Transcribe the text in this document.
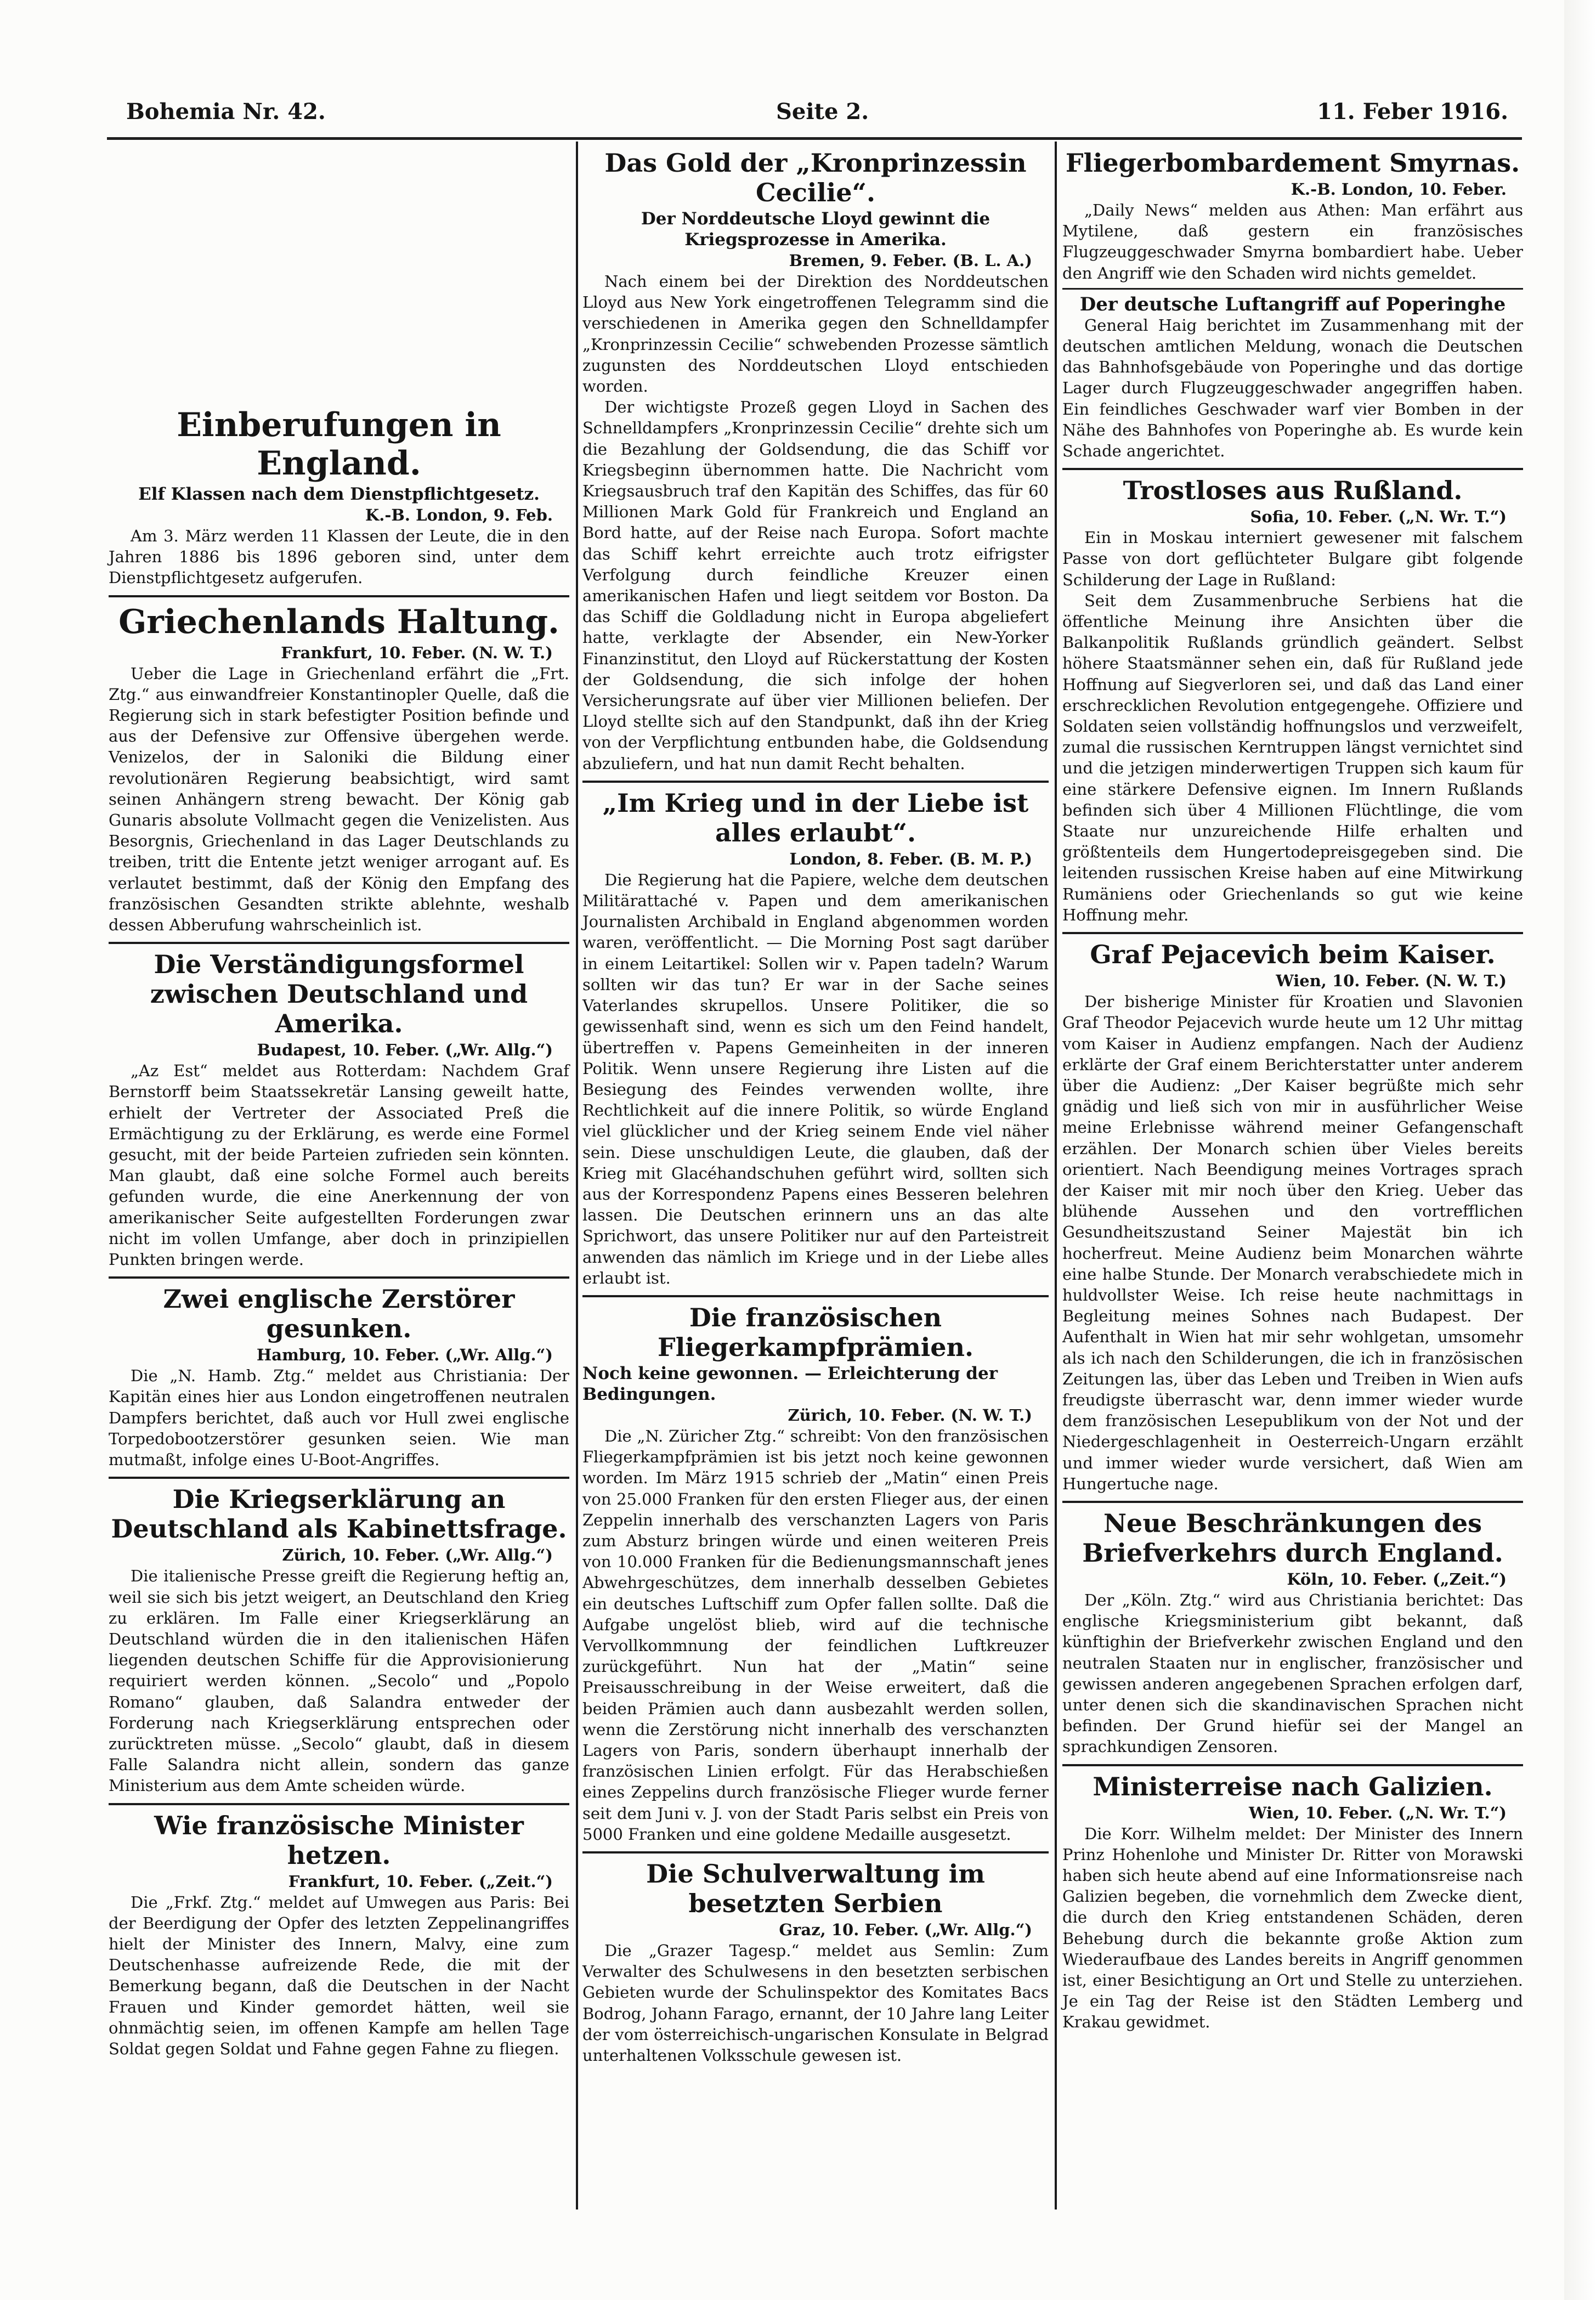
Bohemia Nr. 42.	Seite 2.	11. Feber 1916.

Einberufungen in England.

Elf Klassen nach dem Dienstpflichtgesetz.

K.-B. London, 9. Feb.

Am 3. März werden 11 Klassen der Leute, die in den Jahren 1886 bis 1896 geboren sind, unter dem Dienstpflichtgesetz aufgerufen.

Griechenlands Haltung.

Frankfurt, 10. Feber. (N. W. T.)

Ueber die Lage in Griechenland erfährt die „Frt. Ztg.“ aus einwandfreier Konstantinopler Quelle, daß die Regierung sich in stark befestigter Position befinde und aus der Defensive zur Offensive übergehen werde. Venizelos, der in Saloniki die Bildung einer revolutionären Regierung beabsichtigt, wird samt seinen Anhängern streng bewacht. Der König gab Gunaris absolute Vollmacht gegen die Venizelisten. Aus Besorgnis, Griechenland in das Lager Deutschlands zu treiben, tritt die Entente jetzt weniger arrogant auf. Es verlautet bestimmt, daß der König den Empfang des französischen Gesandten strikte ablehnte, weshalb dessen Abberufung wahrscheinlich ist.

Die Verständigungsformel zwischen Deutschland und Amerika.

Budapest, 10. Feber. („Wr. Allg.“)

„Az Est“ meldet aus Rotterdam: Nachdem Graf Bernstorff beim Staatssekretär Lansing geweilt hatte, erhielt der Vertreter der Associated Preß die Ermächtigung zu der Erklärung, es werde eine Formel gesucht, mit der beide Parteien zufrieden sein könnten. Man glaubt, daß eine solche Formel auch bereits gefunden wurde, die eine Anerkennung der von amerikanischer Seite aufgestellten Forderungen zwar nicht im vollen Umfange, aber doch in prinzipiellen Punkten bringen werde.

Zwei englische Zerstörer gesunken.

Hamburg, 10. Feber. („Wr. Allg.“)

Die „N. Hamb. Ztg.“ meldet aus Christiania: Der Kapitän eines hier aus London eingetroffenen neutralen Dampfers berichtet, daß auch vor Hull zwei englische Torpedobootzerstörer gesunken seien. Wie man mutmaßt, infolge eines U-Boot-Angriffes.

Die Kriegserklärung an Deutschland als Kabinettsfrage.

Zürich, 10. Feber. („Wr. Allg.“)

Die italienische Presse greift die Regierung heftig an, weil sie sich bis jetzt weigert, an Deutschland den Krieg zu erklären. Im Falle einer Kriegserklärung an Deutschland würden die in den italienischen Häfen liegenden deutschen Schiffe für die Approvisionierung requiriert werden können. „Secolo“ und „Popolo Romano“ glauben, daß Salandra entweder der Forderung nach Kriegserklärung entsprechen oder zurücktreten müsse. „Secolo“ glaubt, daß in diesem Falle Salandra nicht allein, sondern das ganze Ministerium aus dem Amte scheiden würde.

Wie französische Minister hetzen.

Frankfurt, 10. Feber. („Zeit.“)

Die „Frkf. Ztg.“ meldet auf Umwegen aus Paris: Bei der Beerdigung der Opfer des letzten Zeppelinangriffes hielt der Minister des Innern, Malvy, eine zum Deutschenhasse aufreizende Rede, die mit der Bemerkung begann, daß die Deutschen in der Nacht Frauen und Kinder gemordet hätten, weil sie ohnmächtig seien, im offenen Kampfe am hellen Tage Soldat gegen Soldat und Fahne gegen Fahne zu fliegen.

Das Gold der „Kronprinzessin Cecilie“.

Der Norddeutsche Lloyd gewinnt die Kriegsprozesse in Amerika.

Bremen, 9. Feber. (B. L. A.)

Nach einem bei der Direktion des Norddeutschen Lloyd aus New York eingetroffenen Telegramm sind die verschiedenen in Amerika gegen den Schnelldampfer „Kronprinzessin Cecilie“ schwebenden Prozesse sämtlich zugunsten des Norddeutschen Lloyd entschieden worden.

Der wichtigste Prozeß gegen Lloyd in Sachen des Schnelldampfers „Kronprinzessin Cecilie“ drehte sich um die Bezahlung der Goldsendung, die das Schiff vor Kriegsbeginn übernommen hatte. Die Nachricht vom Kriegsausbruch traf den Kapitän des Schiffes, das für 60 Millionen Mark Gold für Frankreich und England an Bord hatte, auf der Reise nach Europa. Sofort machte das Schiff kehrt erreichte auch trotz eifrigster Verfolgung durch feindliche Kreuzer einen amerikanischen Hafen und liegt seitdem vor Boston. Da das Schiff die Goldladung nicht in Europa abgeliefert hatte, verklagte der Absender, ein New-Yorker Finanzinstitut, den Lloyd auf Rückerstattung der Kosten der Goldsendung, die sich infolge der hohen Versicherungsrate auf über vier Millionen beliefen. Der Lloyd stellte sich auf den Standpunkt, daß ihn der Krieg von der Verpflichtung entbunden habe, die Goldsendung abzuliefern, und hat nun damit Recht behalten.

„Im Krieg und in der Liebe ist alles erlaubt“.

London, 8. Feber. (B. M. P.)

Die Regierung hat die Papiere, welche dem deutschen Militärattaché v. Papen und dem amerikanischen Journalisten Archibald in England abgenommen worden waren, veröffentlicht. — Die Morning Post sagt darüber in einem Leitartikel: Sollen wir v. Papen tadeln? Warum sollten wir das tun? Er war in der Sache seines Vaterlandes skrupellos. Unsere Politiker, die so gewissenhaft sind, wenn es sich um den Feind handelt, übertreffen v. Papens Gemeinheiten in der inneren Politik. Wenn unsere Regierung ihre Listen auf die Besiegung des Feindes verwenden wollte, ihre Rechtlichkeit auf die innere Politik, so würde England viel glücklicher und der Krieg seinem Ende viel näher sein. Diese unschuldigen Leute, die glauben, daß der Krieg mit Glacéhandschuhen geführt wird, sollten sich aus der Korrespondenz Papens eines Besseren belehren lassen. Die Deutschen erinnern uns an das alte Sprichwort, das unsere Politiker nur auf den Parteistreit anwenden das nämlich im Kriege und in der Liebe alles erlaubt ist.

Die französischen Fliegerkampfprämien.

Noch keine gewonnen. — Erleichterung der Bedingungen.

Zürich, 10. Feber. (N. W. T.)

Die „N. Züricher Ztg.“ schreibt: Von den französischen Fliegerkampfprämien ist bis jetzt noch keine gewonnen worden. Im März 1915 schrieb der „Matin“ einen Preis von 25.000 Franken für den ersten Flieger aus, der einen Zeppelin innerhalb des verschanzten Lagers von Paris zum Absturz bringen würde und einen weiteren Preis von 10.000 Franken für die Bedienungsmannschaft jenes Abwehrgeschützes, dem innerhalb desselben Gebietes ein deutsches Luftschiff zum Opfer fallen sollte. Daß die Aufgabe ungelöst blieb, wird auf die technische Vervollkommnung der feindlichen Luftkreuzer zurückgeführt. Nun hat der „Matin“ seine Preisausschreibung in der Weise erweitert, daß die beiden Prämien auch dann ausbezahlt werden sollen, wenn die Zerstörung nicht innerhalb des verschanzten Lagers von Paris, sondern überhaupt innerhalb der französischen Linien erfolgt. Für das Herabschießen eines Zeppelins durch französische Flieger wurde ferner seit dem Juni v. J. von der Stadt Paris selbst ein Preis von 5000 Franken und eine goldene Medaille ausgesetzt.

Die Schulverwaltung im besetzten Serbien

Graz, 10. Feber. („Wr. Allg.“)

Die „Grazer Tagesp.“ meldet aus Semlin: Zum Verwalter des Schulwesens in den besetzten serbischen Gebieten wurde der Schulinspektor des Komitates Bacs Bodrog, Johann Farago, ernannt, der 10 Jahre lang Leiter der vom österreichisch-ungarischen Konsulate in Belgrad unterhaltenen Volksschule gewesen ist.

Fliegerbombardement Smyrnas.

K.-B. London, 10. Feber.

„Daily News“ melden aus Athen: Man erfährt aus Mytilene, daß gestern ein französisches Flugzeuggeschwader Smyrna bombardiert habe. Ueber den Angriff wie den Schaden wird nichts gemeldet.

Der deutsche Luftangriff auf Poperinghe

General Haig berichtet im Zusammenhang mit der deutschen amtlichen Meldung, wonach die Deutschen das Bahnhofsgebäude von Poperinghe und das dortige Lager durch Flugzeuggeschwader angegriffen haben. Ein feindliches Geschwader warf vier Bomben in der Nähe des Bahnhofes von Poperinghe ab. Es wurde kein Schade angerichtet.

Trostloses aus Rußland.

Sofia, 10. Feber. („N. Wr. T.“)

Ein in Moskau interniert gewesener mit falschem Passe von dort geflüchteter Bulgare gibt folgende Schilderung der Lage in Rußland:

Seit dem Zusammenbruche Serbiens hat die öffentliche Meinung ihre Ansichten über die Balkanpolitik Rußlands gründlich geändert. Selbst höhere Staatsmänner sehen ein, daß für Rußland jede Hoffnung auf Siegverloren sei, und daß das Land einer erschrecklichen Revolution entgegengehe. Offiziere und Soldaten seien vollständig hoffnungslos und verzweifelt, zumal die russischen Kerntruppen längst vernichtet sind und die jetzigen minderwertigen Truppen sich kaum für eine stärkere Defensive eignen. Im Innern Rußlands befinden sich über 4 Millionen Flüchtlinge, die vom Staate nur unzureichende Hilfe erhalten und größtenteils dem Hungertodepreisgegeben sind. Die leitenden russischen Kreise haben auf eine Mitwirkung Rumäniens oder Griechenlands so gut wie keine Hoffnung mehr.

Graf Pejacevich beim Kaiser.

Wien, 10. Feber. (N. W. T.)

Der bisherige Minister für Kroatien und Slavonien Graf Theodor Pejacevich wurde heute um 12 Uhr mittag vom Kaiser in Audienz empfangen. Nach der Audienz erklärte der Graf einem Berichterstatter unter anderem über die Audienz: „Der Kaiser begrüßte mich sehr gnädig und ließ sich von mir in ausführlicher Weise meine Erlebnisse während meiner Gefangenschaft erzählen. Der Monarch schien über Vieles bereits orientiert. Nach Beendigung meines Vortrages sprach der Kaiser mit mir noch über den Krieg. Ueber das blühende Aussehen und den vortrefflichen Gesundheitszustand Seiner Majestät bin ich hocherfreut. Meine Audienz beim Monarchen währte eine halbe Stunde. Der Monarch verabschiedete mich in huldvollster Weise. Ich reise heute nachmittags in Begleitung meines Sohnes nach Budapest. Der Aufenthalt in Wien hat mir sehr wohlgetan, umsomehr als ich nach den Schilderungen, die ich in französischen Zeitungen las, über das Leben und Treiben in Wien aufs freudigste überrascht war, denn immer wieder wurde dem französischen Lesepublikum von der Not und der Niedergeschlagenheit in Oesterreich-Ungarn erzählt und immer wieder wurde versichert, daß Wien am Hungertuche nage.

Neue Beschränkungen des Briefverkehrs durch England.

Köln, 10. Feber. („Zeit.“)

Der „Köln. Ztg.“ wird aus Christiania berichtet: Das englische Kriegsministerium gibt bekannt, daß künftighin der Briefverkehr zwischen England und den neutralen Staaten nur in englischer, französischer und gewissen anderen angegebenen Sprachen erfolgen darf, unter denen sich die skandinavischen Sprachen nicht befinden. Der Grund hiefür sei der Mangel an sprachkundigen Zensoren.

Ministerreise nach Galizien.

Wien, 10. Feber. („N. Wr. T.“)

Die Korr. Wilhelm meldet: Der Minister des Innern Prinz Hohenlohe und Minister Dr. Ritter von Morawski haben sich heute abend auf eine Informationsreise nach Galizien begeben, die vornehmlich dem Zwecke dient, die durch den Krieg entstandenen Schäden, deren Behebung durch die bekannte große Aktion zum Wiederaufbaue des Landes bereits in Angriff genommen ist, einer Besichtigung an Ort und Stelle zu unterziehen. Je ein Tag der Reise ist den Städten Lemberg und Krakau gewidmet.
